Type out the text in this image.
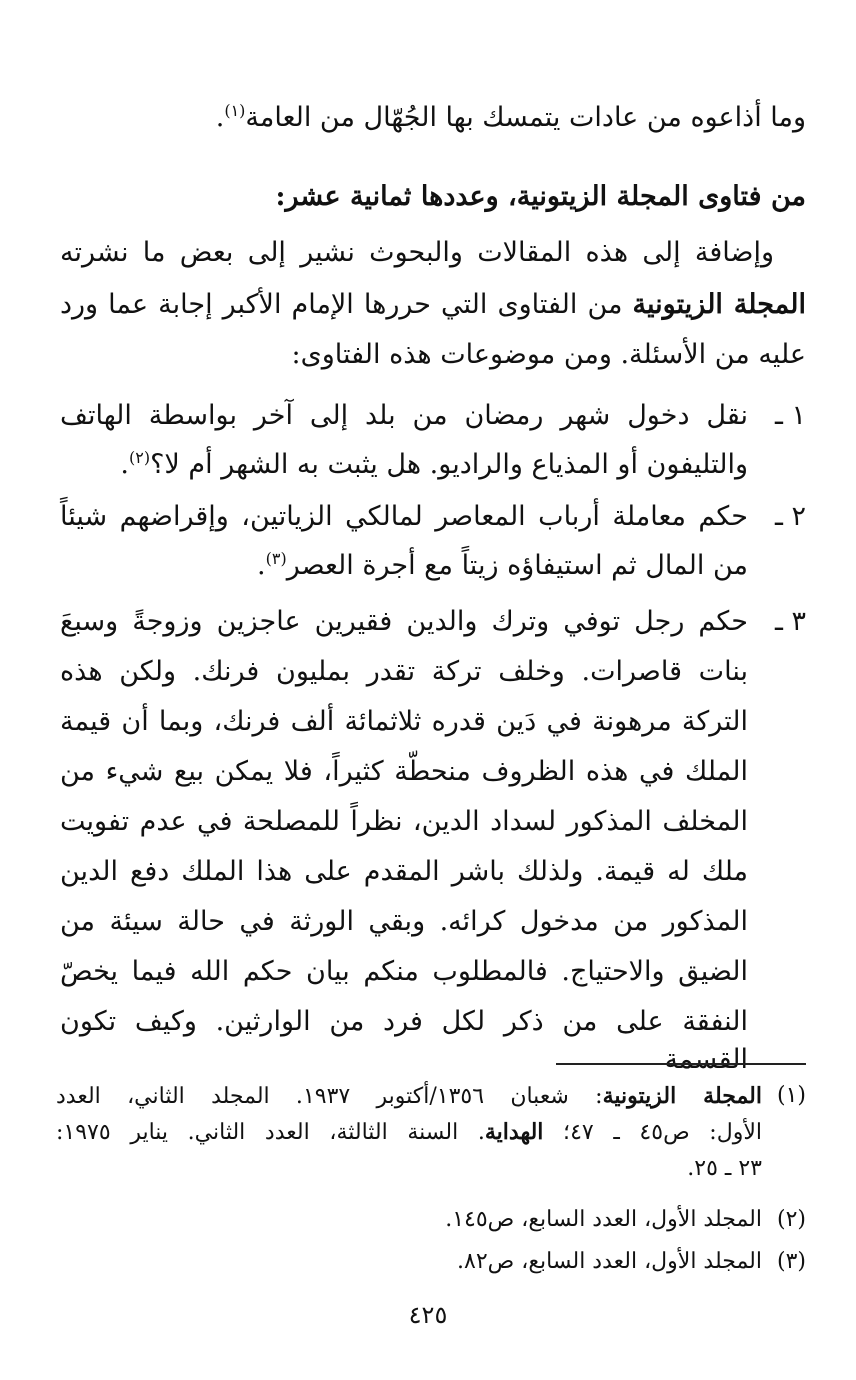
وما أذاعوه من عادات يتمسك بها الجُهّال من العامة$^{(١)}$.
من فتاوى المجلة الزيتونية، وعددها ثمانية عشر:
وإضافة إلى هذه المقالات والبحوث نشير إلى بعض ما نشرته
المجلة الزيتونية من الفتاوى التي حررها الإمام الأكبر إجابة عما ورد
عليه من الأسئلة. ومن موضوعات هذه الفتاوى:
١ ـ
نقل دخول شهر رمضان من بلد إلى آخر بواسطة الهاتف
والتليفون أو المذياع والراديو. هل يثبت به الشهر أم لا؟$^{(٢)}$.
٢ ـ
حكم معاملة أرباب المعاصر لمالكي الزياتين، وإقراضهم شيئاً
من المال ثم استيفاؤه زيتاً مع أجرة العصر$^{(٣)}$.
٣ ـ
حكم رجل توفي وترك والدين فقيرين عاجزين وزوجةً وسبعَ
بنات قاصرات. وخلف تركة تقدر بمليون فرنك. ولكن هذه
التركة مرهونة في دَين قدره ثلاثمائة ألف فرنك، وبما أن قيمة
الملك في هذه الظروف منحطّة كثيراً، فلا يمكن بيع شيء من
المخلف المذكور لسداد الدين، نظراً للمصلحة في عدم تفويت
ملك له قيمة. ولذلك باشر المقدم على هذا الملك دفع الدين
المذكور من مدخول كرائه. وبقي الورثة في حالة سيئة من
الضيق والاحتياج. فالمطلوب منكم بيان حكم الله فيما يخصّ
النفقة على من ذكر لكل فرد من الوارثين. وكيف تكون القسمة
(١)
المجلة الزيتونية: شعبان ١٣٥٦/أكتوبر ١٩٣٧. المجلد الثاني، العدد
الأول: ص٤٥ ـ ٤٧؛ الهداية. السنة الثالثة، العدد الثاني. يناير ١٩٧٥:
٢٣ ـ ٢٥.
(٢)
المجلد الأول، العدد السابع، ص١٤٥.
(٣)
المجلد الأول، العدد السابع، ص٨٢.
٤٢٥
